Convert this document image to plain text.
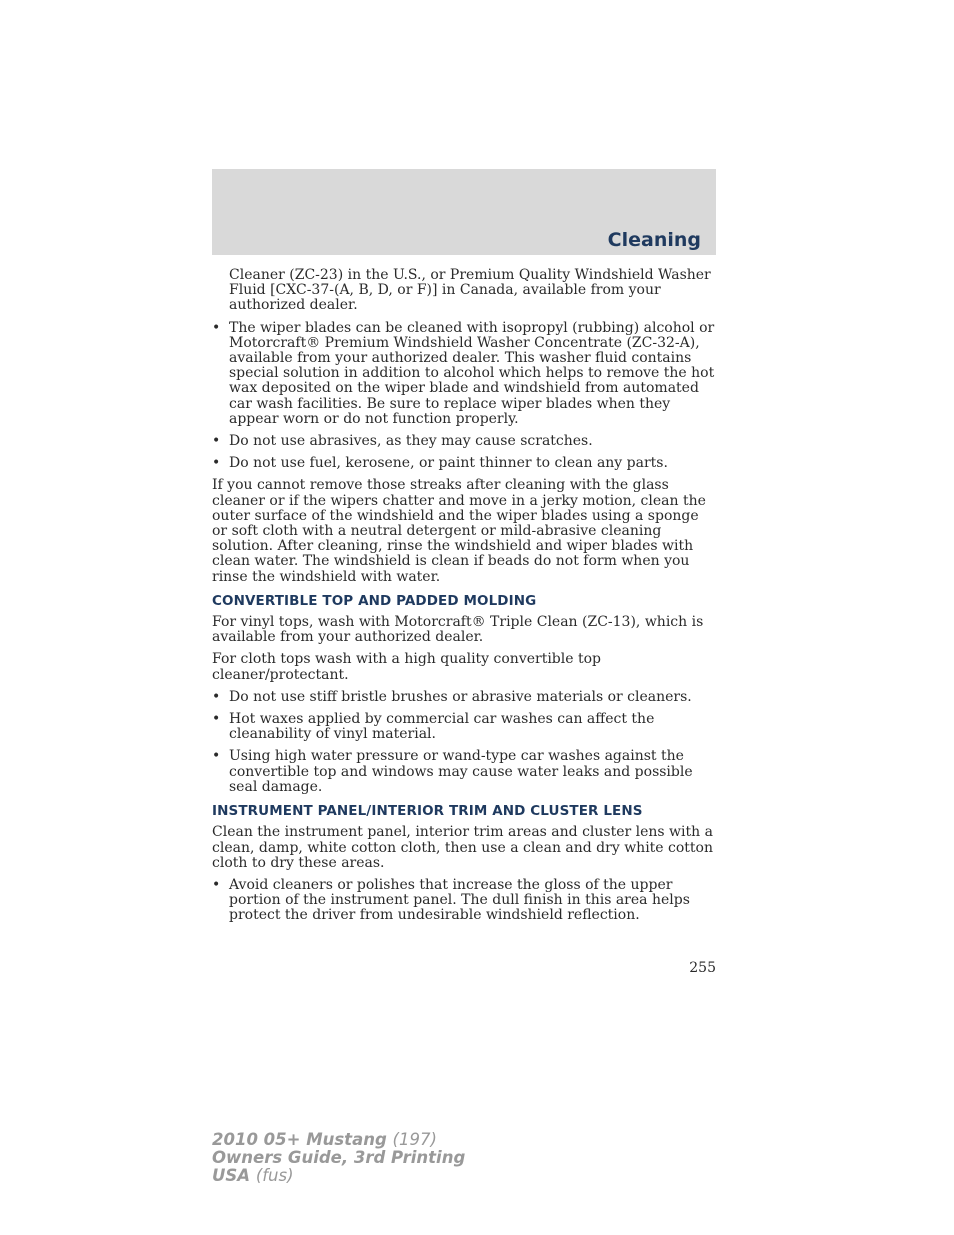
Cleaning

Cleaner (ZC-23) in the U.S., or Premium Quality Windshield Washer Fluid [CXC-37-(A, B, D, or F)] in Canada, available from your authorized dealer.

• The wiper blades can be cleaned with isopropyl (rubbing) alcohol or Motorcraft® Premium Windshield Washer Concentrate (ZC-32-A), available from your authorized dealer. This washer fluid contains special solution in addition to alcohol which helps to remove the hot wax deposited on the wiper blade and windshield from automated car wash facilities. Be sure to replace wiper blades when they appear worn or do not function properly.
• Do not use abrasives, as they may cause scratches.
• Do not use fuel, kerosene, or paint thinner to clean any parts.

If you cannot remove those streaks after cleaning with the glass cleaner or if the wipers chatter and move in a jerky motion, clean the outer surface of the windshield and the wiper blades using a sponge or soft cloth with a neutral detergent or mild-abrasive cleaning solution. After cleaning, rinse the windshield and wiper blades with clean water. The windshield is clean if beads do not form when you rinse the windshield with water.

CONVERTIBLE TOP AND PADDED MOLDING

For vinyl tops, wash with Motorcraft® Triple Clean (ZC-13), which is available from your authorized dealer.

For cloth tops wash with a high quality convertible top cleaner/protectant.

• Do not use stiff bristle brushes or abrasive materials or cleaners.
• Hot waxes applied by commercial car washes can affect the cleanability of vinyl material.
• Using high water pressure or wand-type car washes against the convertible top and windows may cause water leaks and possible seal damage.
INSTRUMENT PANEL/INTERIOR TRIM AND CLUSTER LENS

Clean the instrument panel, interior trim areas and cluster lens with a clean, damp, white cotton cloth, then use a clean and dry white cotton cloth to dry these areas.

• Avoid cleaners or polishes that increase the gloss of the upper portion of the instrument panel. The dull finish in this area helps protect the driver from undesirable windshield reflection.
255
2010 05+ Mustang (197)
Owners Guide, 3rd Printing
USA (fus)
